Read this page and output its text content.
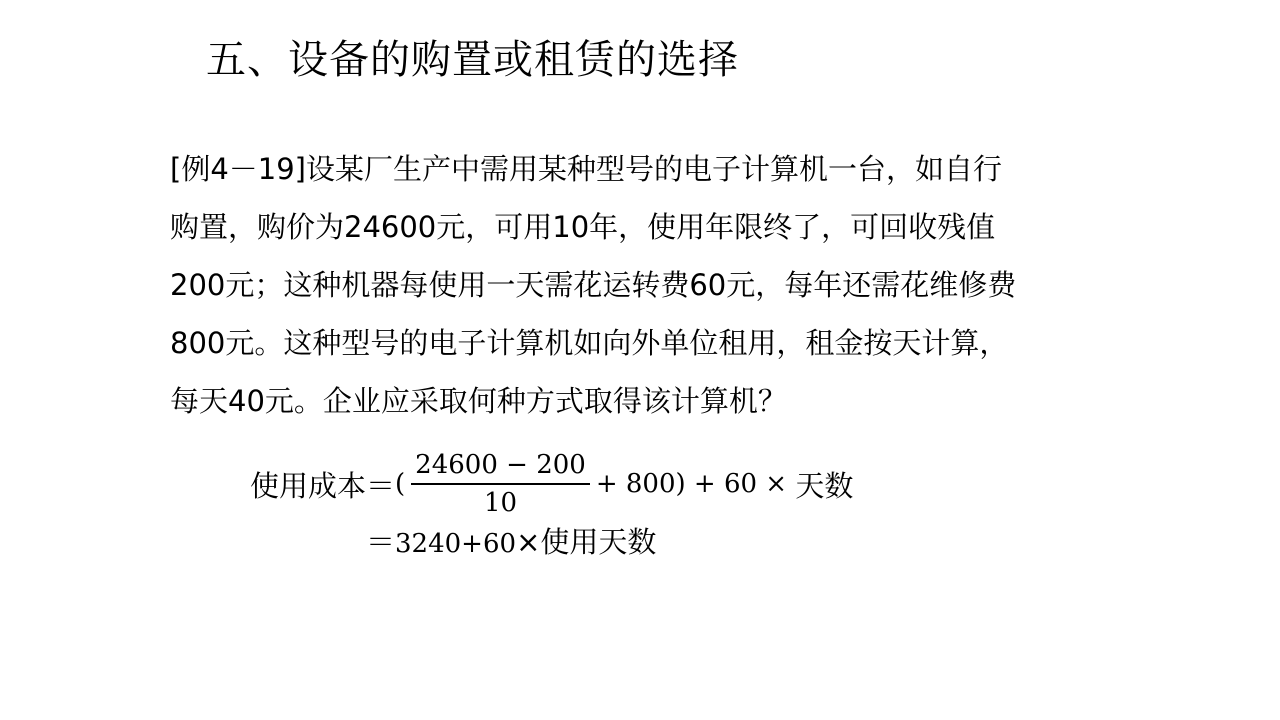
五、设备的购置或租赁的选择
[例4－19]设某厂生产中需用某种型号的电子计算机一台，如自行
购置，购价为24600元，可用10年，使用年限终了，可回收残值
200元；这种机器每使用一天需花运转费60元，每年还需花维修费
800元。这种型号的电子计算机如向外单位租用，租金按天计算，
每天40元。企业应采取何种方式取得该计算机？
使用成本＝ ( $\frac{24600 - 200}{10} + 800) + 60$ × 天数
＝3240+60×使用天数
